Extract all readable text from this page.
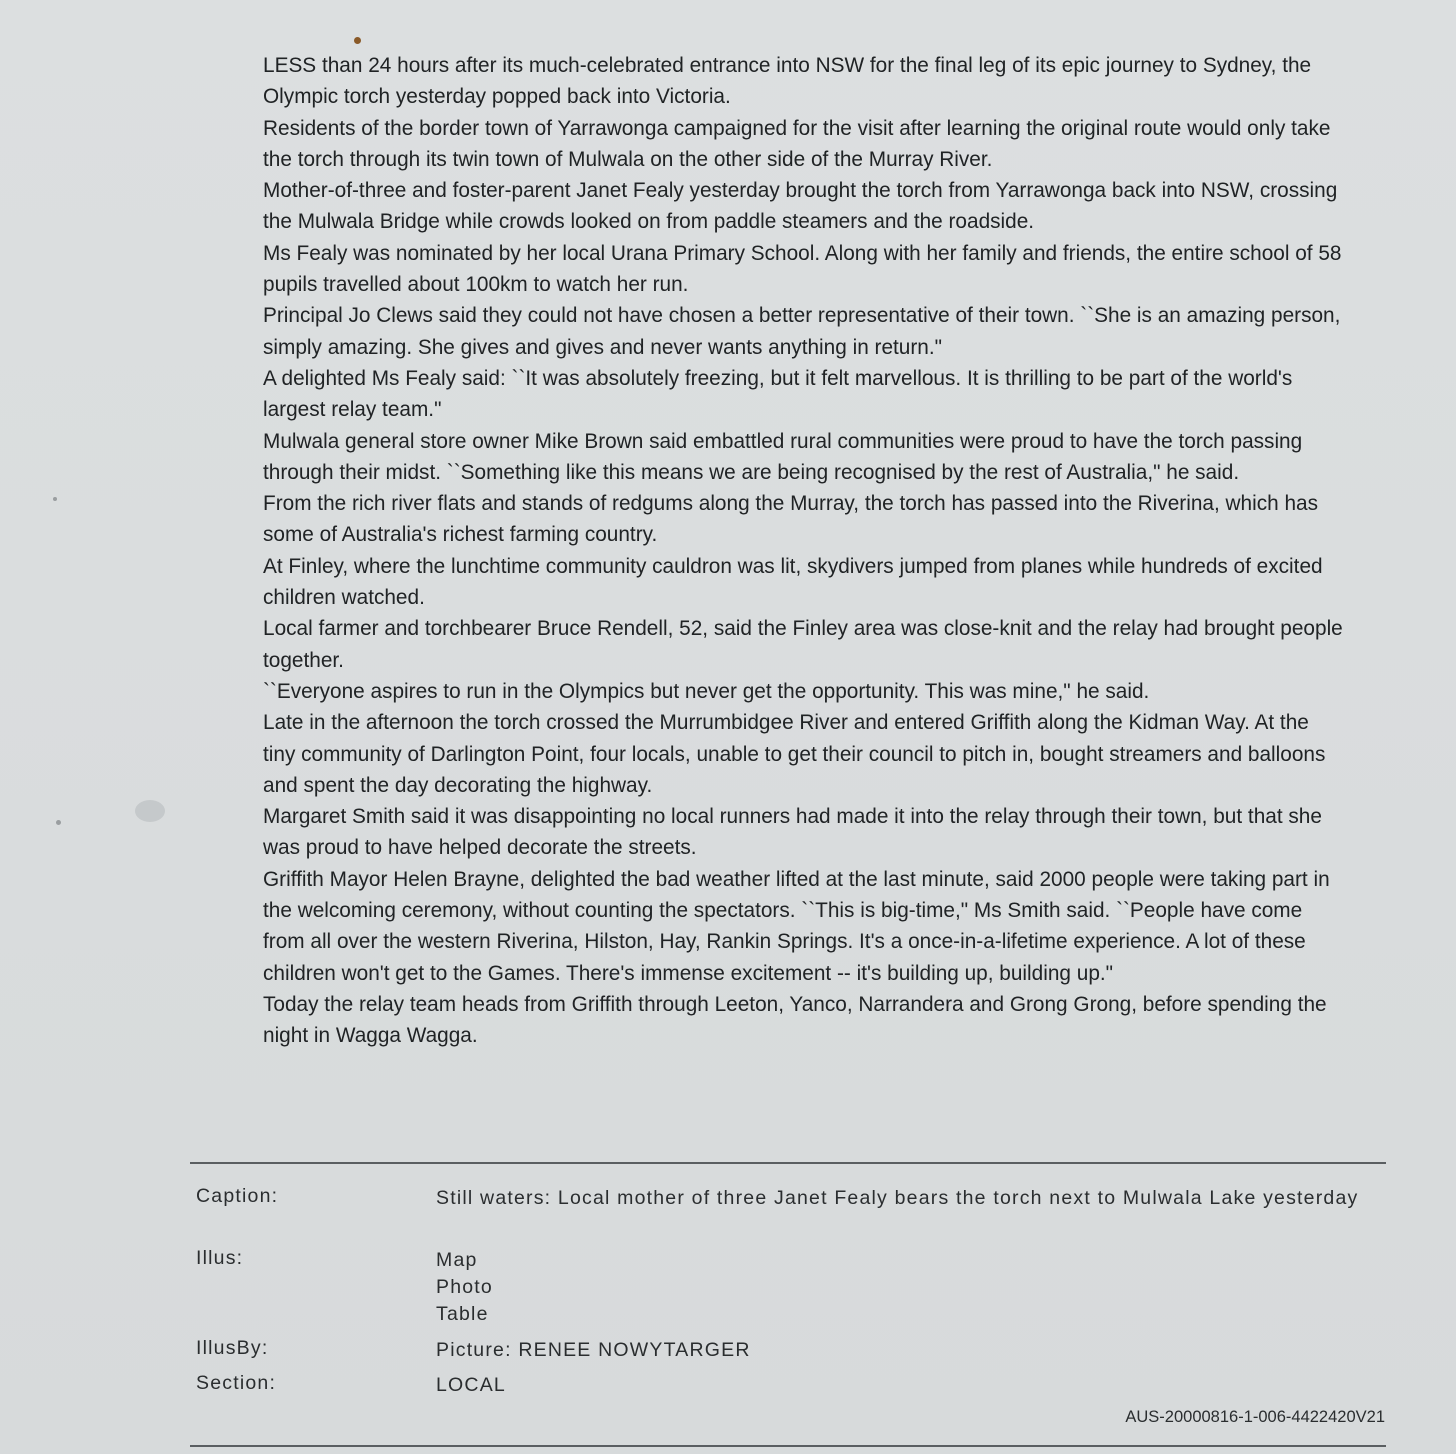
LESS than 24 hours after its much-celebrated entrance into NSW for the final leg of its epic journey to Sydney, the Olympic torch yesterday popped back into Victoria.

Residents of the border town of Yarrawonga campaigned for the visit after learning the original route would only take the torch through its twin town of Mulwala on the other side of the Murray River.

Mother-of-three and foster-parent Janet Fealy yesterday brought the torch from Yarrawonga back into NSW, crossing the Mulwala Bridge while crowds looked on from paddle steamers and the roadside.

Ms Fealy was nominated by her local Urana Primary School. Along with her family and friends, the entire school of 58 pupils travelled about 100km to watch her run.

Principal Jo Clews said they could not have chosen a better representative of their town. ``She is an amazing person, simply amazing. She gives and gives and never wants anything in return."

A delighted Ms Fealy said: ``It was absolutely freezing, but it felt marvellous. It is thrilling to be part of the world's largest relay team."

Mulwala general store owner Mike Brown said embattled rural communities were proud to have the torch passing through their midst. ``Something like this means we are being recognised by the rest of Australia," he said.

From the rich river flats and stands of redgums along the Murray, the torch has passed into the Riverina, which has some of Australia's richest farming country.

At Finley, where the lunchtime community cauldron was lit, skydivers jumped from planes while hundreds of excited children watched.

Local farmer and torchbearer Bruce Rendell, 52, said the Finley area was close-knit and the relay had brought people together.

``Everyone aspires to run in the Olympics but never get the opportunity. This was mine," he said.

Late in the afternoon the torch crossed the Murrumbidgee River and entered Griffith along the Kidman Way. At the tiny community of Darlington Point, four locals, unable to get their council to pitch in, bought streamers and balloons and spent the day decorating the highway.

Margaret Smith said it was disappointing no local runners had made it into the relay through their town, but that she was proud to have helped decorate the streets.

Griffith Mayor Helen Brayne, delighted the bad weather lifted at the last minute, said 2000 people were taking part in the welcoming ceremony, without counting the spectators. ``This is big-time," Ms Smith said. ``People have come from all over the western Riverina, Hilston, Hay, Rankin Springs. It's a once-in-a-lifetime experience. A lot of these children won't get to the Games. There's immense excitement -- it's building up, building up."

Today the relay team heads from Griffith through Leeton, Yanco, Narrandera and Grong Grong, before spending the night in Wagga Wagga.

Caption:	Still waters: Local mother of three Janet Fealy bears the torch next to Mulwala Lake yesterday
Illus:	Map
Photo
Table
IllusBy:	Picture: RENEE NOWYTARGER
Section:	LOCAL
AUS-20000816-1-006-4422420V21
